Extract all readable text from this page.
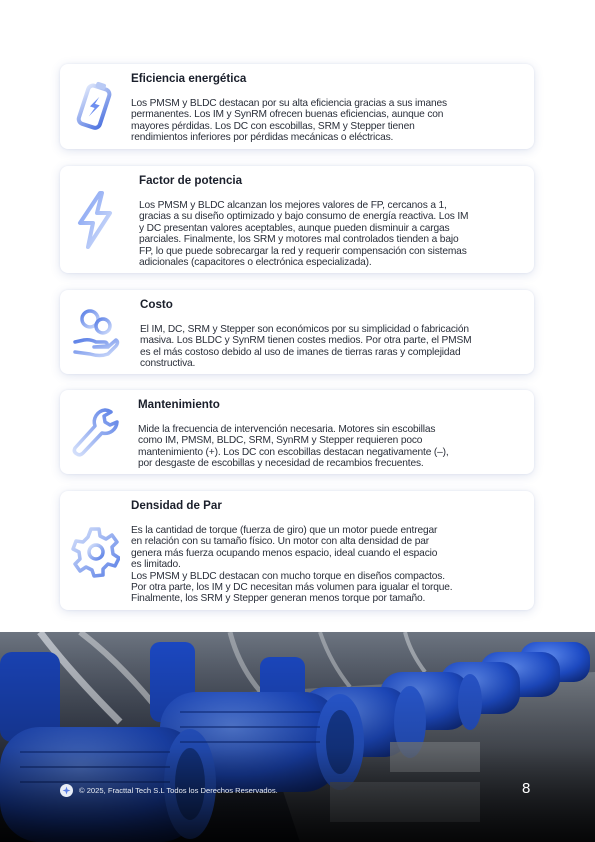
Eficiencia energética

Los PMSM y BLDC destacan por su alta eficiencia gracias a sus imanes
permanentes. Los IM y SynRM ofrecen buenas eficiencias, aunque con
mayores pérdidas. Los DC con escobillas, SRM y Stepper tienen
rendimientos inferiores por pérdidas mecánicas o eléctricas.

Factor de potencia

Los PMSM y BLDC alcanzan los mejores valores de FP, cercanos a 1,
gracias a su diseño optimizado y bajo consumo de energía reactiva. Los IM
y DC presentan valores aceptables, aunque pueden disminuir a cargas
parciales. Finalmente, los SRM y motores mal controlados tienden a bajo
FP, lo que puede sobrecargar la red y requerir compensación con sistemas
adicionales (capacitores o electrónica especializada).

Costo

El IM, DC, SRM y Stepper son económicos por su simplicidad o fabricación
masiva. Los BLDC y SynRM tienen costes medios. Por otra parte, el PMSM
es el más costoso debido al uso de imanes de tierras raras y complejidad
constructiva.

Mantenimiento

Mide la frecuencia de intervención necesaria. Motores sin escobillas
como IM, PMSM, BLDC, SRM, SynRM y Stepper requieren poco
mantenimiento (+). Los DC con escobillas destacan negativamente (–),
por desgaste de escobillas y necesidad de recambios frecuentes.

Densidad de Par

Es la cantidad de torque (fuerza de giro) que un motor puede entregar
en relación con su tamaño físico. Un motor con alta densidad de par
genera más fuerza ocupando menos espacio, ideal cuando el espacio
es limitado.
Los PMSM y BLDC destacan con mucho torque en diseños compactos.
Por otra parte, los IM y DC necesitan más volumen para igualar el torque.
Finalmente, los SRM y Stepper generan menos torque por tamaño.

© 2025, Fracttal Tech S.L Todos los Derechos Reservados.	8
